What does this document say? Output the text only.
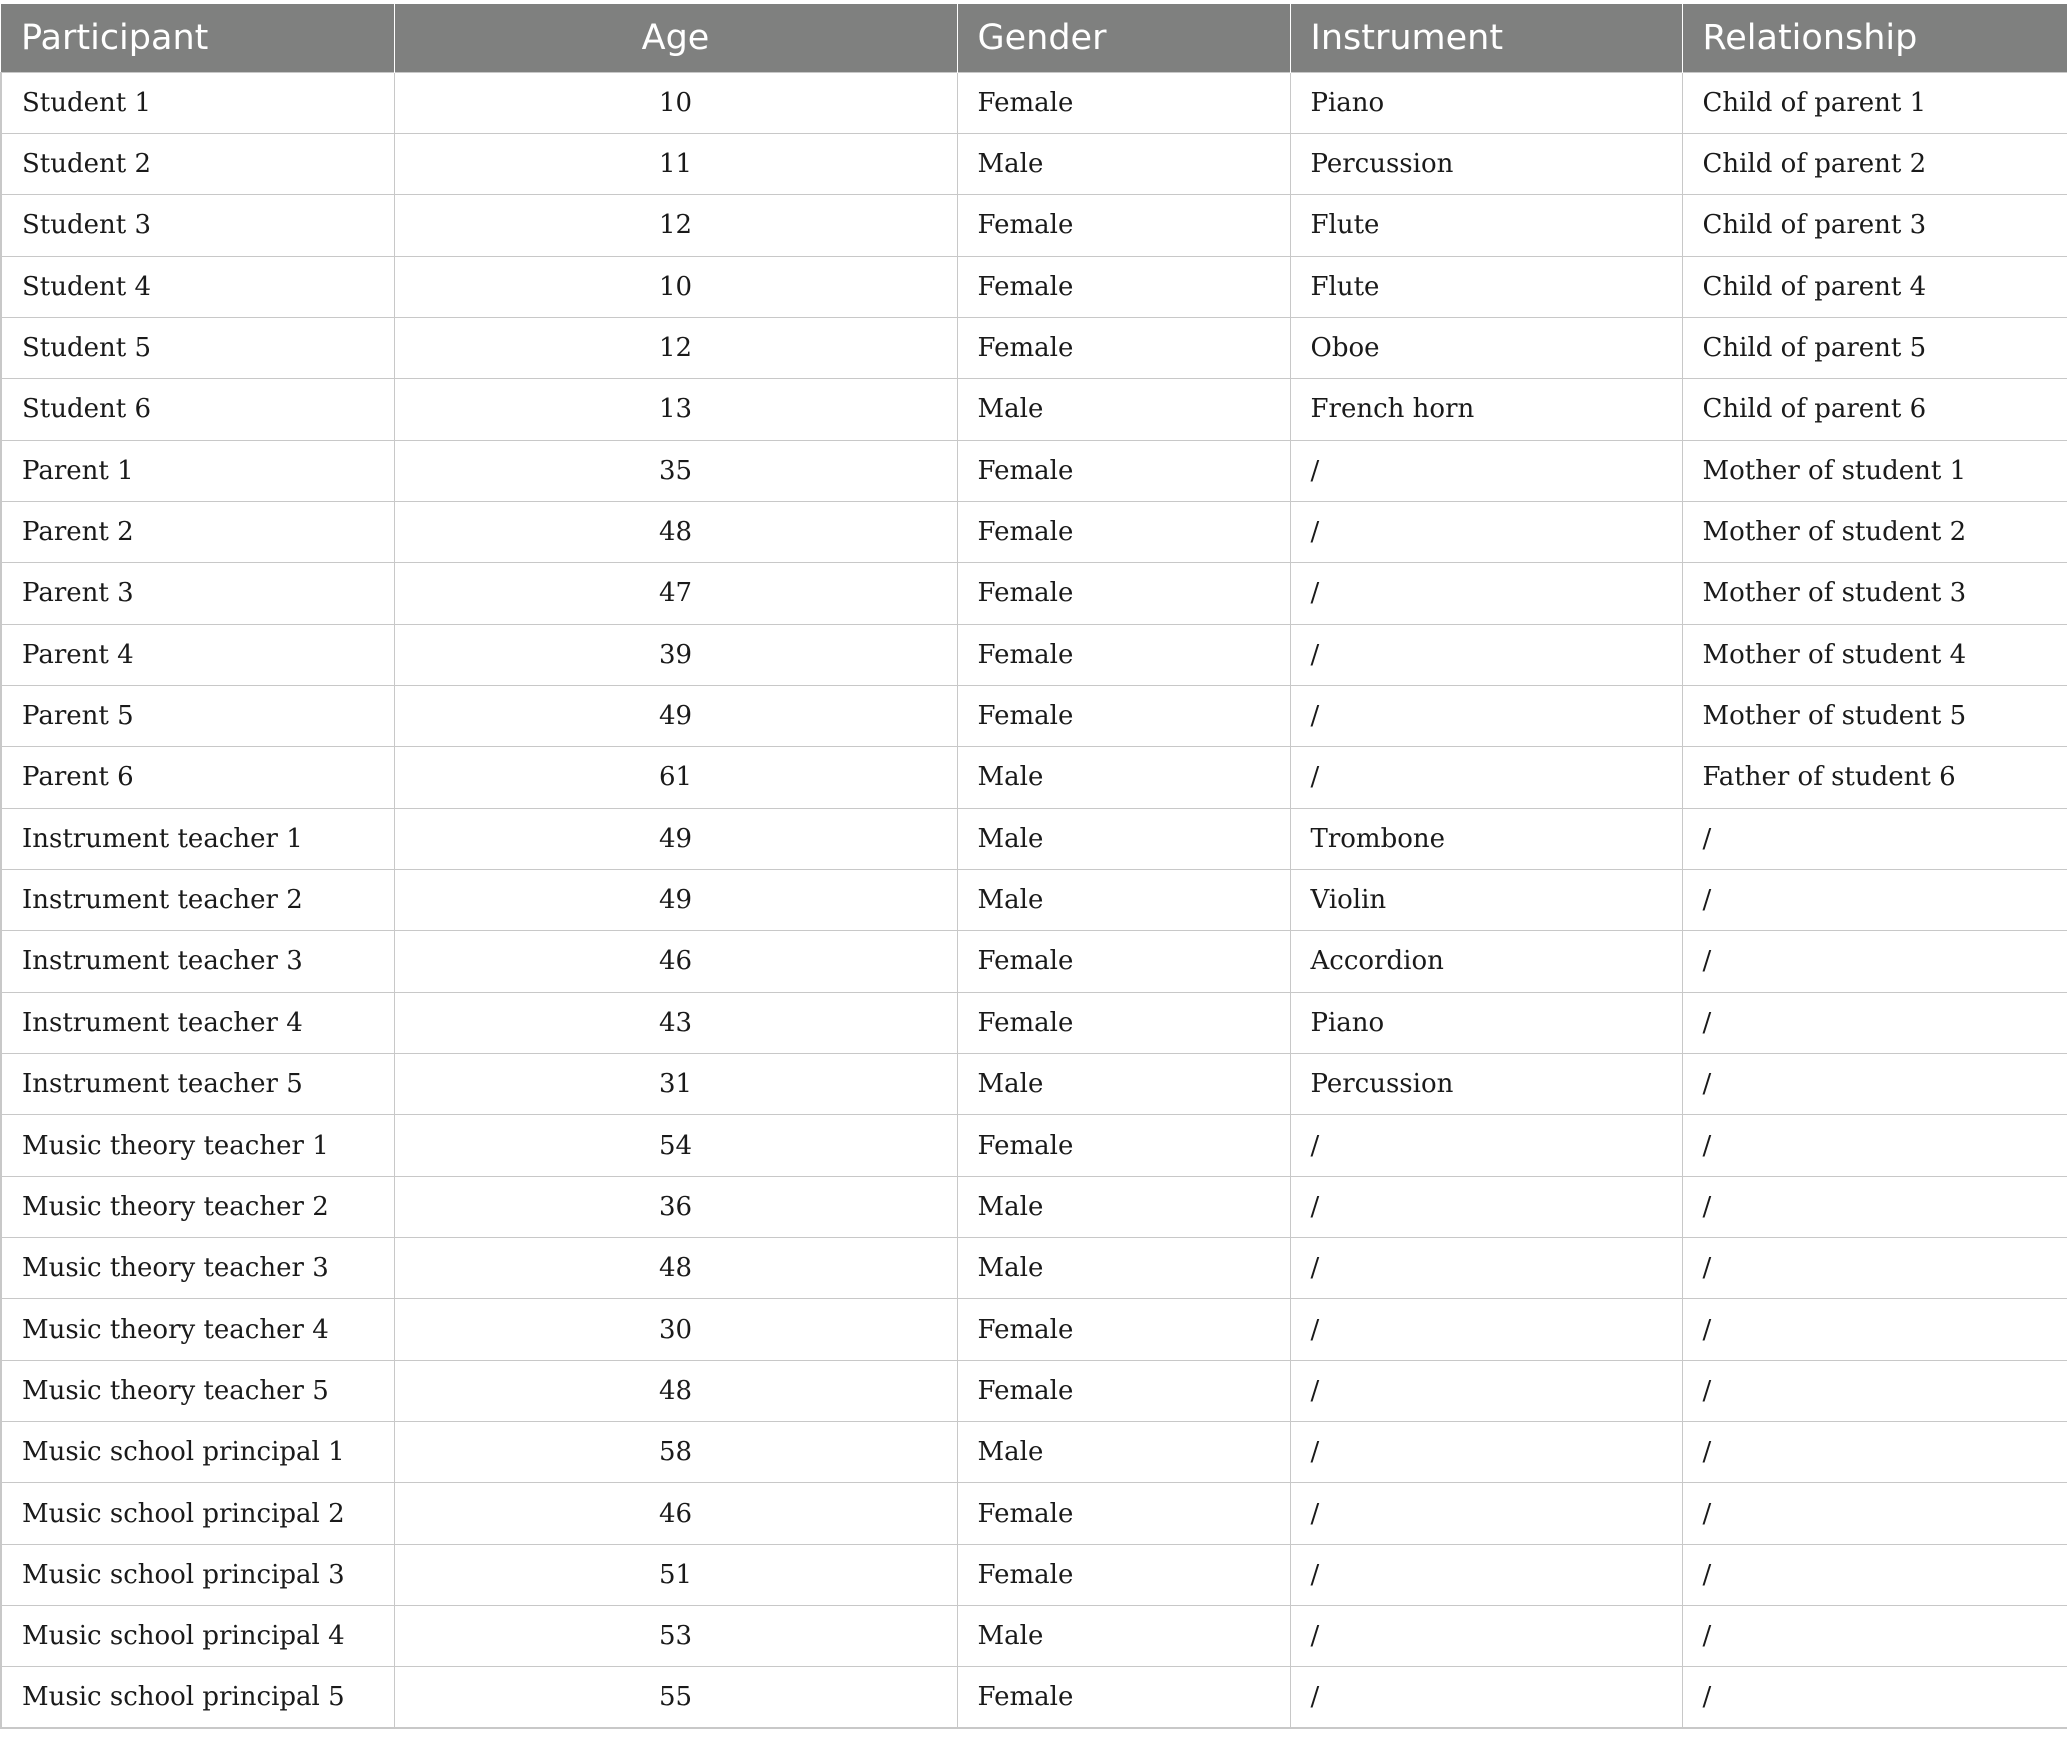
Participant	Age	Gender	Instrument	Relationship
Student 1	10	Female	Piano	Child of parent 1
Student 2	11	Male	Percussion	Child of parent 2
Student 3	12	Female	Flute	Child of parent 3
Student 4	10	Female	Flute	Child of parent 4
Student 5	12	Female	Oboe	Child of parent 5
Student 6	13	Male	French horn	Child of parent 6
Parent 1	35	Female	/	Mother of student 1
Parent 2	48	Female	/	Mother of student 2
Parent 3	47	Female	/	Mother of student 3
Parent 4	39	Female	/	Mother of student 4
Parent 5	49	Female	/	Mother of student 5
Parent 6	61	Male	/	Father of student 6
Instrument teacher 1	49	Male	Trombone	/
Instrument teacher 2	49	Male	Violin	/
Instrument teacher 3	46	Female	Accordion	/
Instrument teacher 4	43	Female	Piano	/
Instrument teacher 5	31	Male	Percussion	/
Music theory teacher 1	54	Female	/	/
Music theory teacher 2	36	Male	/	/
Music theory teacher 3	48	Male	/	/
Music theory teacher 4	30	Female	/	/
Music theory teacher 5	48	Female	/	/
Music school principal 1	58	Male	/	/
Music school principal 2	46	Female	/	/
Music school principal 3	51	Female	/	/
Music school principal 4	53	Male	/	/
Music school principal 5	55	Female	/	/
